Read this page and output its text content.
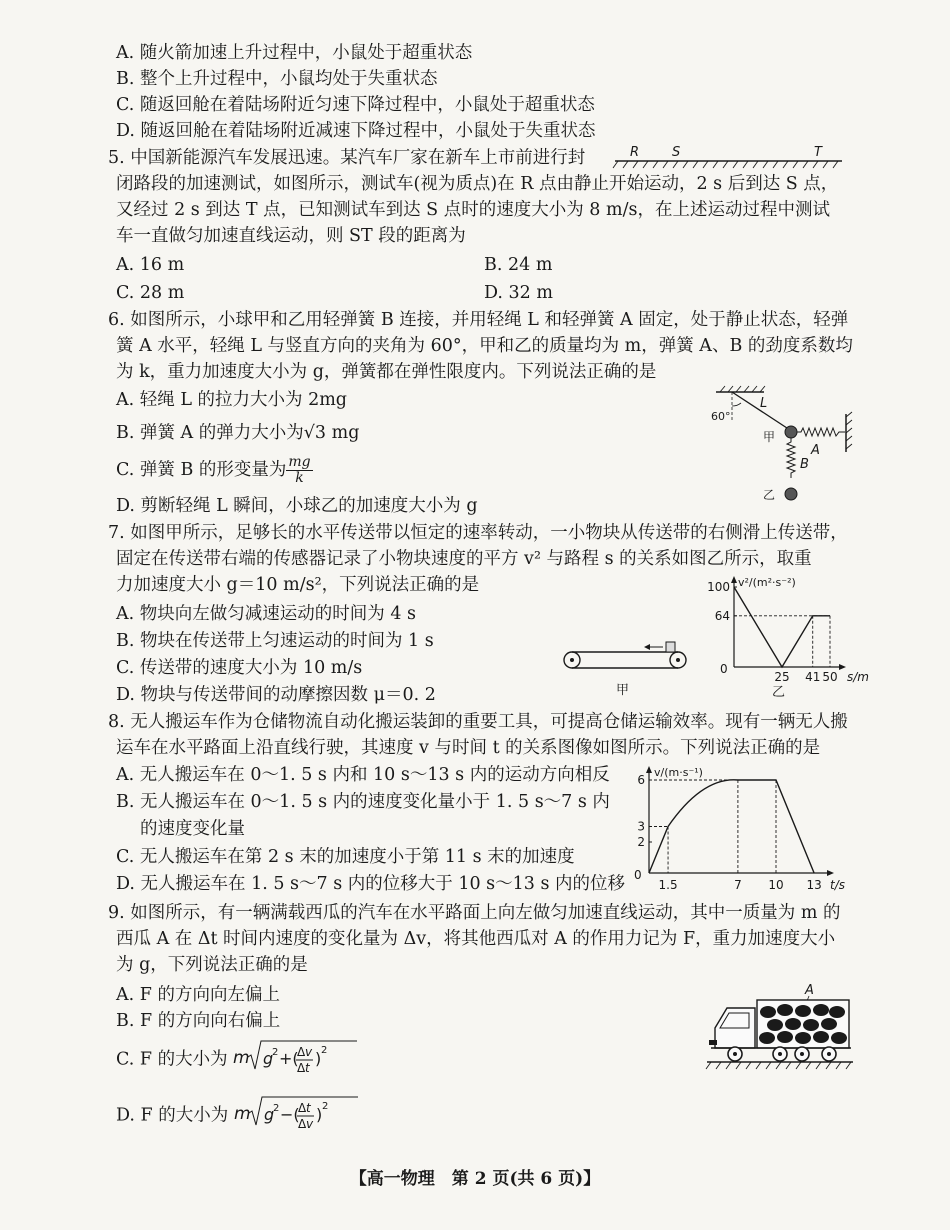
A. 随火箭加速上升过程中，小鼠处于超重状态
B. 整个上升过程中，小鼠均处于失重状态
C. 随返回舱在着陆场附近匀速下降过程中，小鼠处于超重状态
D. 随返回舱在着陆场附近减速下降过程中，小鼠处于失重状态
5. 中国新能源汽车发展迅速。某汽车厂家在新车上市前进行封
闭路段的加速测试，如图所示，测试车(视为质点)在 R 点由静止开始运动，2 s 后到达 S 点，
又经过 2 s 到达 T 点，已知测试车到达 S 点时的速度大小为 8 m/s，在上述运动过程中测试
车一直做匀加速直线运动，则 ST 段的距离为
A. 16 m	B. 24 m
C. 28 m	D. 32 m
R	S	T
6. 如图所示，小球甲和乙用轻弹簧 B 连接，并用轻绳 L 和轻弹簧 A 固定，处于静止状态，轻弹
簧 A 水平，轻绳 L 与竖直方向的夹角为 60°，甲和乙的质量均为 m，弹簧 A、B 的劲度系数均
为 k，重力加速度大小为 g，弹簧都在弹性限度内。下列说法正确的是
A. 轻绳 L 的拉力大小为 2mg
B. 弹簧 A 的弹力大小为√3 mg
C. 弹簧 B 的形变量为 $\frac{mg}{k}$
D. 剪断轻绳 L 瞬间，小球乙的加速度大小为 g
60°
L
甲
A
B
乙
7. 如图甲所示，足够长的水平传送带以恒定的速率转动，一小物块从传送带的右侧滑上传送带，
固定在传送带右端的传感器记录了小物块速度的平方 v² 与路程 s 的关系如图乙所示，取重
力加速度大小 g＝10 m/s²，下列说法正确的是
A. 物块向左做匀减速运动的时间为 4 s
B. 物块在传送带上匀速运动的时间为 1 s
C. 传送带的速度大小为 10 m/s
D. 物块与传送带间的动摩擦因数 μ＝0. 2	甲
v²/(m²·s⁻²)
s/m
0
乙
64
100
25 41 50
8. 无人搬运车作为仓储物流自动化搬运装卸的重要工具，可提高仓储运输效率。现有一辆无人搬
运车在水平路面上沿直线行驶，其速度 v 与时间 t 的关系图像如图所示。下列说法正确的是
A. 无人搬运车在 0～1. 5 s 内和 10 s～13 s 内的运动方向相反
B. 无人搬运车在 0～1. 5 s 内的速度变化量小于 1. 5 s～7 s 内
的速度变化量
C. 无人搬运车在第 2 s 末的加速度小于第 11 s 末的加速度
D. 无人搬运车在 1. 5 s～7 s 内的位移大于 10 s～13 s 内的位移
v/(m·s⁻¹)
t/s
0
2
3
6
1.5	7 10 13
9. 如图所示，有一辆满载西瓜的汽车在水平路面上向左做匀加速直线运动，其中一质量为 m 的
西瓜 A 在 Δt 时间内速度的变化量为 Δv，将其他西瓜对 A 的作用力记为 F，重力加速度大小
为 g，下列说法正确的是
A. F 的方向向左偏上
B. F 的方向向右偏上
C. F 的大小为 m g
2 +(
Δ v
Δ t ) 2
D. F 的大小为 m g
2 −(
Δ t
Δ v ) 2
A
【高一物理　第 2 页(共 6 页)】
